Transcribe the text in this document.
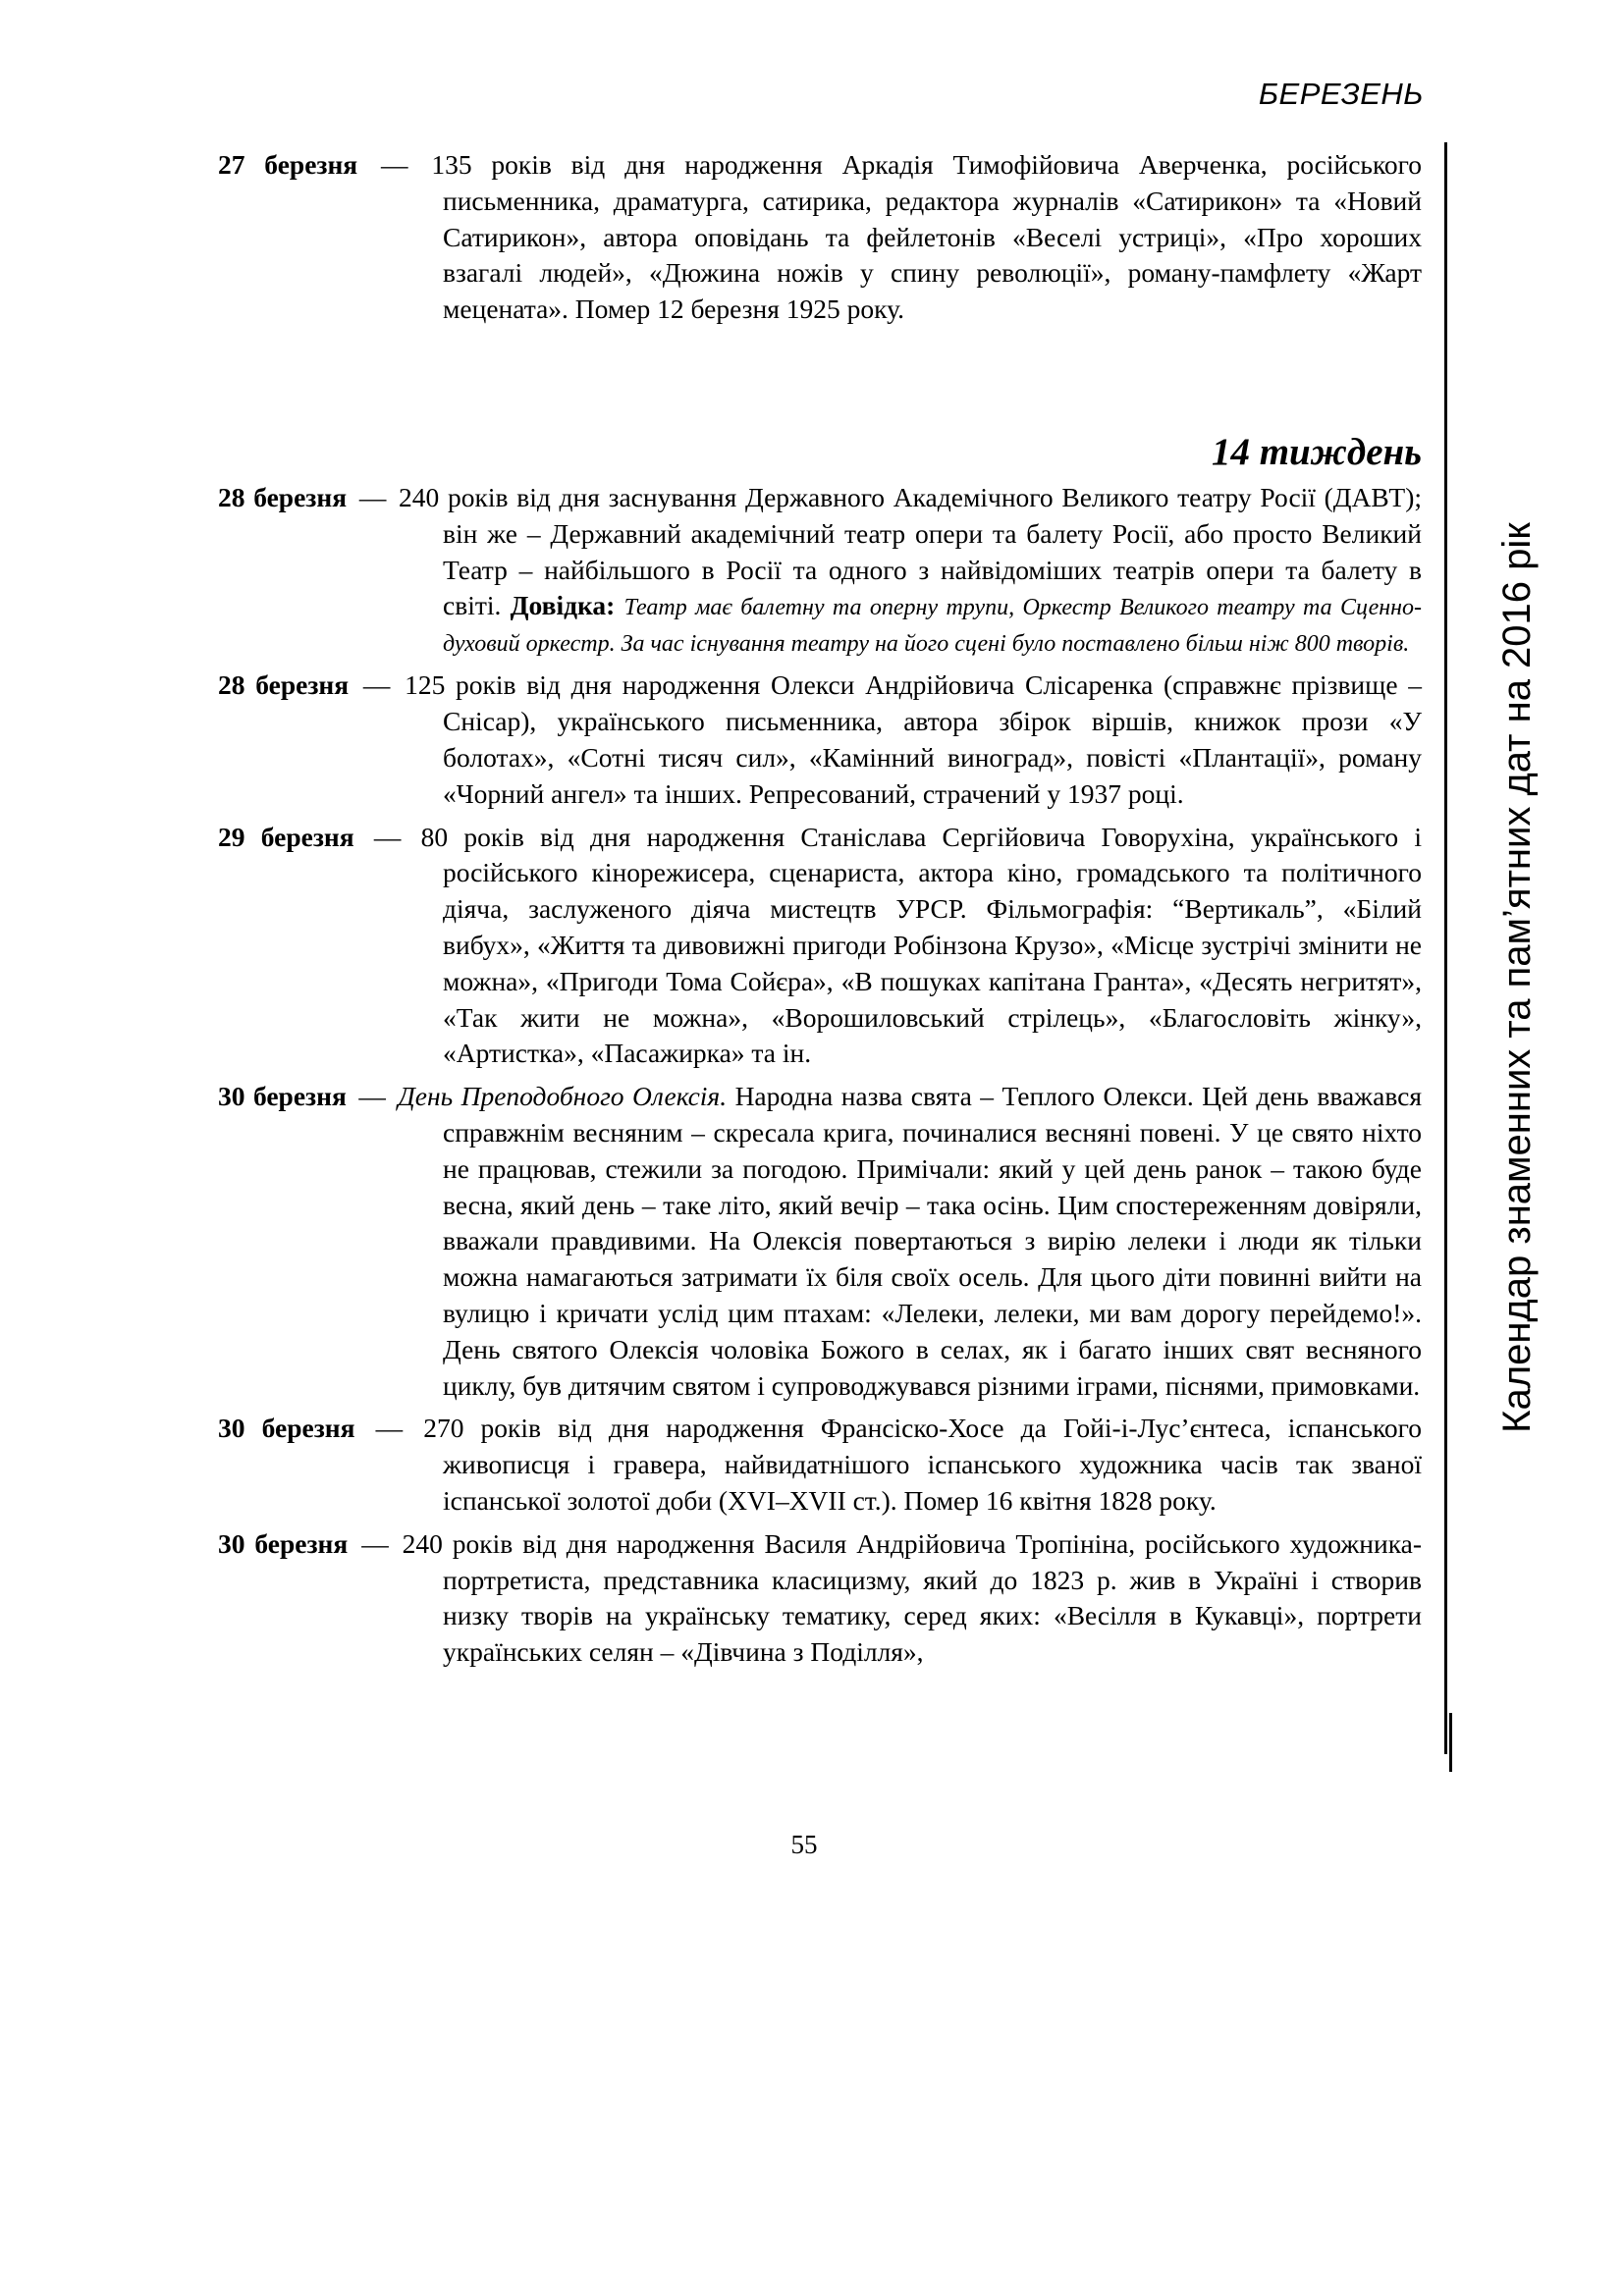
БЕРЕЗЕНЬ
Календар знаменних та пам’ятних дат на 2016 рік

27 березня — 135 років від дня народження Аркадія Тимофійовича Аверченка, російського письменника, драматурга, сатирика, редактора журналів «Сатирикон» та «Новий Сатирикон», автора оповідань та фейлетонів «Веселі устриці», «Про хороших взагалі людей», «Дюжина ножів у спину революції», роману-памфлету «Жарт мецената». Помер 12 березня 1925 року.

14 тиждень

28 березня — 240 років від дня заснування Державного Академічного Великого театру Росії (ДАВТ); він же – Державний академічний театр опери та балету Росії, або просто Великий Театр – найбільшого в Росії та одного з найвідоміших театрів опери та балету в світі. Довідка: Театр має балетну та оперну трупи, Оркестр Великого театру та Сценно-духовий оркестр. За час існування театру на його сцені було поставлено більш ніж 800 творів.

28 березня — 125 років від дня народження Олекси Андрійовича Слісаренка (справжнє прізвище – Снісар), українського письменника, автора збірок віршів, книжок прози «У болотах», «Сотні тисяч сил», «Камінний виноград», повісті «Плантації», роману «Чорний ангел» та інших. Репресований, страчений у 1937 році.

29 березня — 80 років від дня народження Станіслава Сергійовича Говорухіна, українського і російського кінорежисера, сценариста, актора кіно, громадського та політичного діяча, заслуженого діяча мистецтв УРСР. Фільмографія: “Вертикаль”, «Білий вибух», «Життя та дивовижні пригоди Робінзона Крузо», «Місце зустрічі змінити не можна», «Пригоди Тома Сойєра», «В пошуках капітана Гранта», «Десять негритят», «Так жити не можна», «Ворошиловський стрілець», «Благословіть жінку», «Артистка», «Пасажирка» та ін.

30 березня — День Преподобного Олексія. Народна назва свята – Теплого Олекси. Цей день вважався справжнім весняним – скресала крига, починалися весняні повені. У це свято ніхто не працював, стежили за погодою. Примічали: який у цей день ранок – такою буде весна, який день – таке літо, який вечір – така осінь. Цим спостереженням довіряли, вважали правдивими. На Олексія повертаються з вирію лелеки і люди як тільки можна намагаються затримати їх біля своїх осель. Для цього діти повинні вийти на вулицю і кричати услід цим птахам: «Лелеки, лелеки, ми вам дорогу перейдемо!». День святого Олексія чоловіка Божого в селах, як і багато інших свят весняного циклу, був дитячим святом і супроводжувався різними іграми, піснями, примовками.

30 березня — 270 років від дня народження Франсіско-Хосе да Гойі-і-Лус’єнтеса, іспанського живописця і гравера, найвидатнішого іспанського художника часів так званої іспанської золотої доби (XVI–XVII ст.). Помер 16 квітня 1828 року.

30 березня — 240 років від дня народження Василя Андрійовича Тропініна, російського художника-портретиста, представника класицизму, який до 1823 р. жив в Україні і створив низку творів на українську тематику, серед яких: «Весілля в Кукавці», портрети українських селян – «Дівчина з Поділля»,

55
